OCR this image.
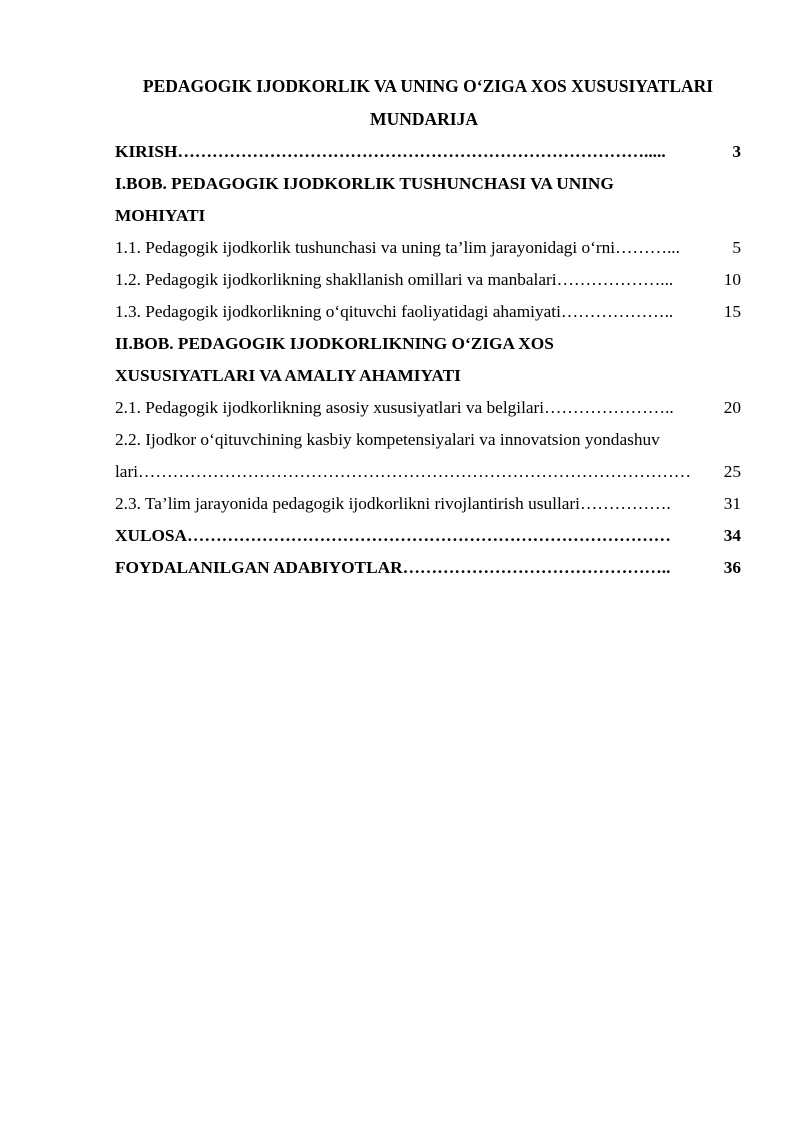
PEDAGOGIK IJODKORLIK VA UNING O‘ZIGA XOS XUSUSIYATLARI
MUNDARIJA
KIRISH ……………………………………………………………………….....	3
I.BOB. PEDAGOGIK IJODKORLIK TUSHUNCHASI VA UNING
MOHIYATI
1.1. Pedagogik ijodkorlik tushunchasi va uning ta’lim jarayonidagi o‘rni ………...	5
1.2. Pedagogik ijodkorlikning shakllanish omillari va manbalari ………………...	10
1.3. Pedagogik ijodkorlikning o‘qituvchi faoliyatidagi ahamiyati ………………..	15
II.BOB. PEDAGOGIK IJODKORLIKNING O‘ZIGA XOS
XUSUSIYATLARI VA AMALIY AHAMIYATI
2.1. Pedagogik ijodkorlikning asosiy xususiyatlari va belgilari …………………..	20
2.2. Ijodkor o‘qituvchining kasbiy kompetensiyalari va innovatsion yondashuv
lari ……………………………………………………………………………………	25
2.3. Ta’lim jarayonida pedagogik ijodkorlikni rivojlantirish usullari …………….	31
XULOSA …………………………………………………………………………	34
FOYDALANILGAN ADABIYOTLAR ………………………………………..	36
